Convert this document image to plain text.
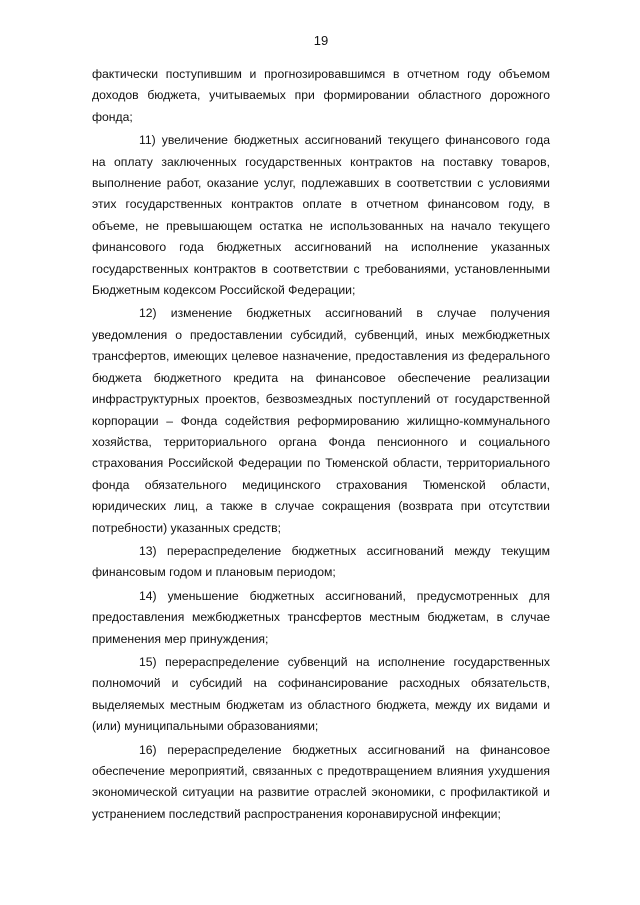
19

фактически поступившим и прогнозировавшимся в отчетном году объемом доходов бюджета, учитываемых при формировании областного дорожного фонда;

11) увеличение бюджетных ассигнований текущего финансового года на оплату заключенных государственных контрактов на поставку товаров, выполнение работ, оказание услуг, подлежавших в соответствии с условиями этих государственных контрактов оплате в отчетном финансовом году, в объеме, не превышающем остатка не использованных на начало текущего финансового года бюджетных ассигнований на исполнение указанных государственных контрактов в соответствии с требованиями, установленными Бюджетным кодексом Российской Федерации;

12) изменение бюджетных ассигнований в случае получения уведомления о предоставлении субсидий, субвенций, иных межбюджетных трансфертов, имеющих целевое назначение, предоставления из федерального бюджета бюджетного кредита на финансовое обеспечение реализации инфраструктурных проектов, безвозмездных поступлений от государственной корпорации – Фонда содействия реформированию жилищно-коммунального хозяйства, территориального органа Фонда пенсионного и социального страхования Российской Федерации по Тюменской области, территориального фонда обязательного медицинского страхования Тюменской области, юридических лиц, а также в случае сокращения (возврата при отсутствии потребности) указанных средств;

13) перераспределение бюджетных ассигнований между текущим финансовым годом и плановым периодом;

14) уменьшение бюджетных ассигнований, предусмотренных для предоставления межбюджетных трансфертов местным бюджетам, в случае применения мер принуждения;

15) перераспределение субвенций на исполнение государственных полномочий и субсидий на софинансирование расходных обязательств, выделяемых местным бюджетам из областного бюджета, между их видами и (или) муниципальными образованиями;

16) перераспределение бюджетных ассигнований на финансовое обеспечение мероприятий, связанных с предотвращением влияния ухудшения экономической ситуации на развитие отраслей экономики, с профилактикой и устранением последствий распространения коронавирусной инфекции;
